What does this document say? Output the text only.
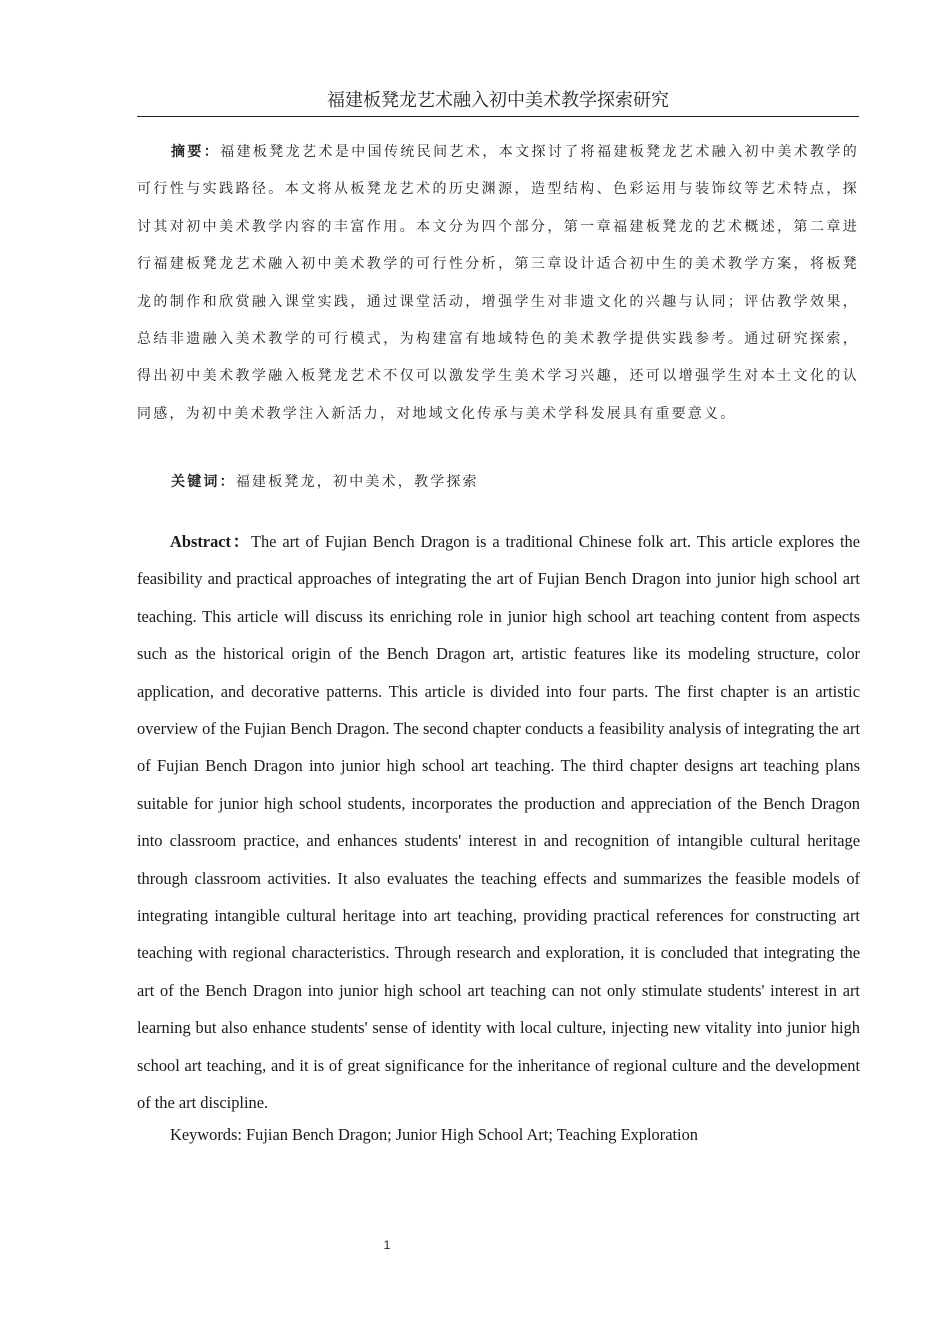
福建板凳龙艺术融入初中美术教学探索研究

摘要：福建板凳龙艺术是中国传统民间艺术，本文探讨了将福建板凳龙艺术融入初中美术教学的可行性与实践路径。本文将从板凳龙艺术的历史渊源，造型结构、色彩运用与装饰纹等艺术特点，探讨其对初中美术教学内容的丰富作用。本文分为四个部分，第一章福建板凳龙的艺术概述，第二章进行福建板凳龙艺术融入初中美术教学的可行性分析，第三章设计适合初中生的美术教学方案，将板凳龙的制作和欣赏融入课堂实践，通过课堂活动，增强学生对非遗文化的兴趣与认同；评估教学效果，总结非遗融入美术教学的可行模式，为构建富有地域特色的美术教学提供实践参考。通过研究探索，得出初中美术教学融入板凳龙艺术不仅可以激发学生美术学习兴趣，还可以增强学生对本土文化的认同感，为初中美术教学注入新活力，对地域文化传承与美术学科发展具有重要意义。

关键词：福建板凳龙，初中美术，教学探索

Abstract：The art of Fujian Bench Dragon is a traditional Chinese folk art. This article explores the feasibility and practical approaches of integrating the art of Fujian Bench Dragon into junior high school art teaching. This article will discuss its enriching role in junior high school art teaching content from aspects such as the historical origin of the Bench Dragon art, artistic features like its modeling structure, color application, and decorative patterns. This article is divided into four parts. The first chapter is an artistic overview of the Fujian Bench Dragon. The second chapter conducts a feasibility analysis of integrating the art of Fujian Bench Dragon into junior high school art teaching. The third chapter designs art teaching plans suitable for junior high school students, incorporates the production and appreciation of the Bench Dragon into classroom practice, and enhances students' interest in and recognition of intangible cultural heritage through classroom activities. It also evaluates the teaching effects and summarizes the feasible models of integrating intangible cultural heritage into art teaching, providing practical references for constructing art teaching with regional characteristics. Through research and exploration, it is concluded that integrating the art of the Bench Dragon into junior high school art teaching can not only stimulate students' interest in art learning but also enhance students' sense of identity with local culture, injecting new vitality into junior high school art teaching, and it is of great significance for the inheritance of regional culture and the development of the art discipline.

Keywords: Fujian Bench Dragon; Junior High School Art; Teaching Exploration

1
